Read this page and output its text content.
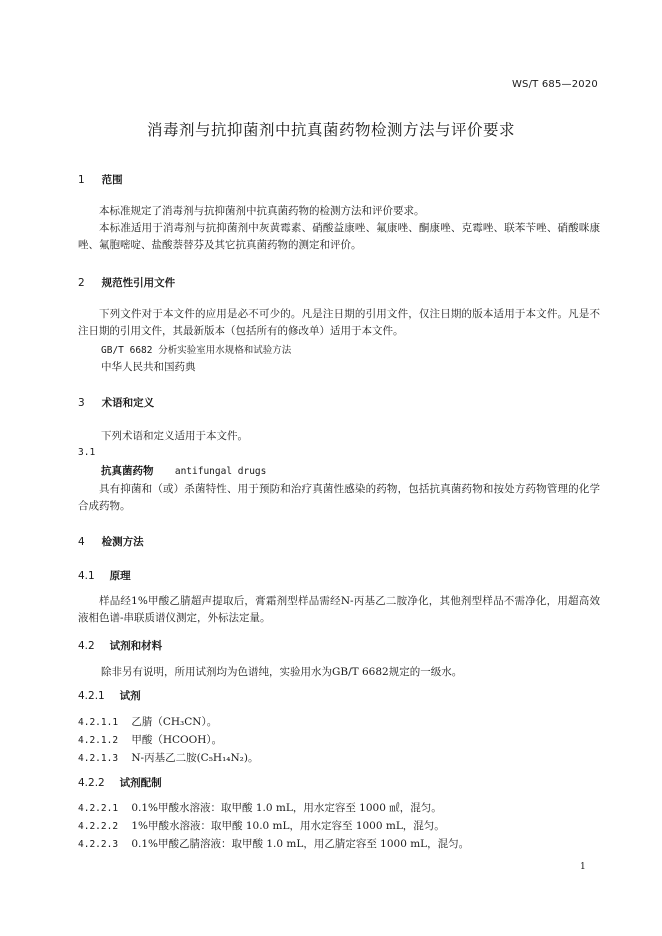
WS/T 685—2020
消毒剂与抗抑菌剂中抗真菌药物检测方法与评价要求
1 范围
本标准规定了消毒剂与抗抑菌剂中抗真菌药物的检测方法和评价要求。
本标准适用于消毒剂与抗抑菌剂中灰黄霉素、硝酸益康唑、氟康唑、酮康唑、克霉唑、联苯苄唑、硝酸咪康唑、氟胞嘧啶、盐酸萘替芬及其它抗真菌药物的测定和评价。
2 规范性引用文件
下列文件对于本文件的应用是必不可少的。凡是注日期的引用文件，仅注日期的版本适用于本文件。凡是不注日期的引用文件，其最新版本（包括所有的修改单）适用于本文件。
GB/T 6682 分析实验室用水规格和试验方法
中华人民共和国药典
3 术语和定义
下列术语和定义适用于本文件。
3.1
抗真菌药物 antifungal drugs
具有抑菌和（或）杀菌特性、用于预防和治疗真菌性感染的药物，包括抗真菌药物和按处方药物管理的化学合成药物。
4 检测方法
4.1 原理
样品经1%甲酸乙腈超声提取后，膏霜剂型样品需经N-丙基乙二胺净化，其他剂型样品不需净化，用超高效液相色谱-串联质谱仪测定，外标法定量。
4.2 试剂和材料
除非另有说明，所用试剂均为色谱纯，实验用水为GB/T 6682规定的一级水。
4.2.1 试剂
4.2.1.1 乙腈（CH₃CN）。
4.2.1.2 甲酸（HCOOH）。
4.2.1.3 N-丙基乙二胺(C₅H₁₄N₂)。
4.2.2 试剂配制
4.2.2.1 0.1%甲酸水溶液：取甲酸 1.0 mL，用水定容至 1000 ㎖，混匀。
4.2.2.2 1%甲酸水溶液：取甲酸 10.0 mL，用水定容至 1000 mL，混匀。
4.2.2.3 0.1%甲酸乙腈溶液：取甲酸 1.0 mL，用乙腈定容至 1000 mL，混匀。
1
